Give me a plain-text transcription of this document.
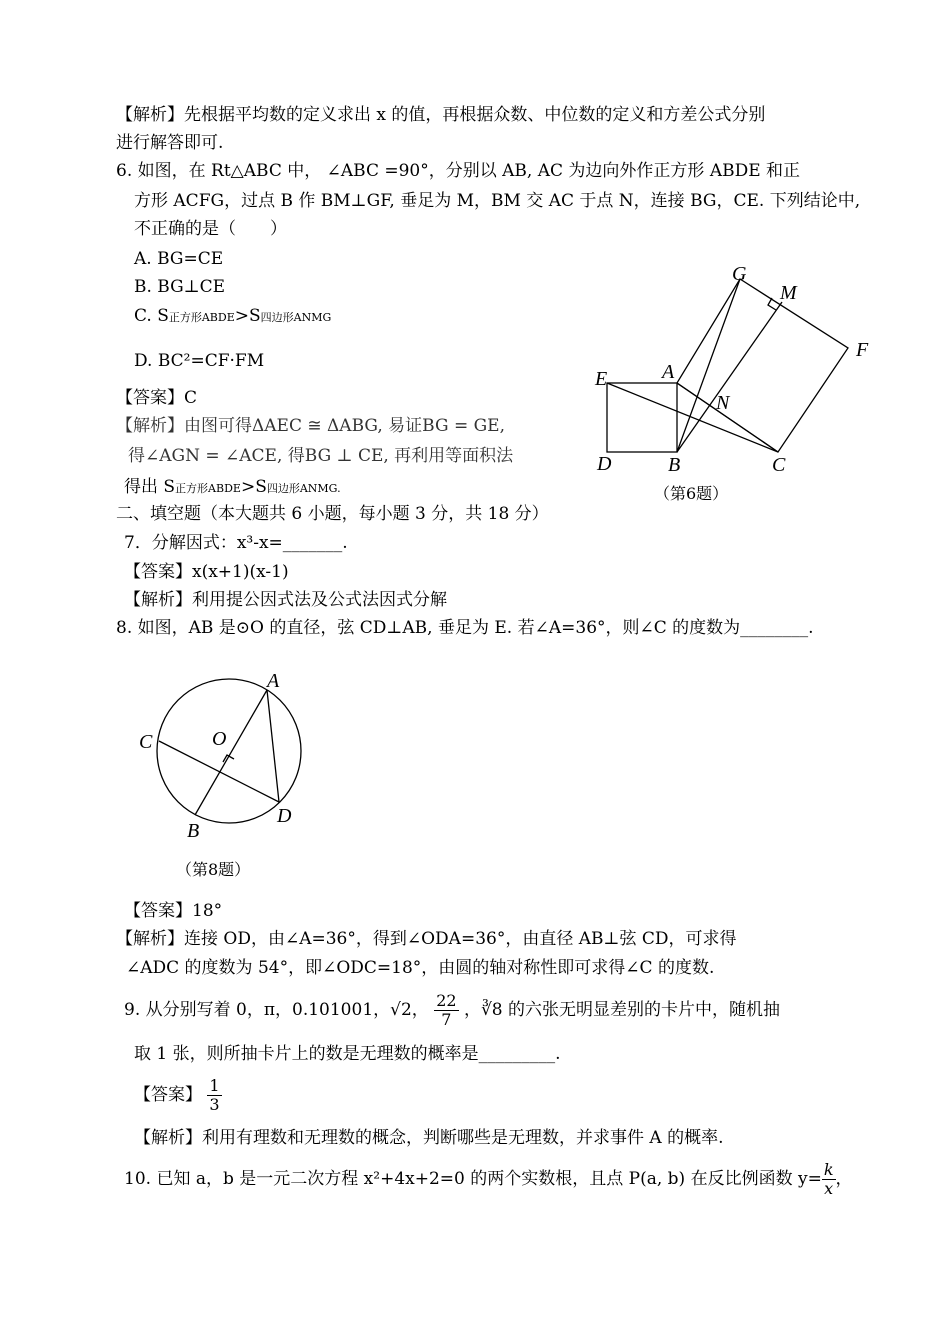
【解析】先根据平均数的定义求出 x 的值，再根据众数、中位数的定义和方差公式分别
进行解答即可.
6. 如图，在 Rt△ABC 中， ∠ABC =90°，分别以 AB, AC 为边向外作正方形 ABDE 和正
方形 ACFG，过点 B 作 BM⊥GF, 垂足为 M，BM 交 AC 于点 N，连接 BG，CE. 下列结论中,
不正确的是（　　）
A. BG=CE
B. BG⊥CE
C. S正方形ABDE>S四边形ANMG
D. BC²=CF·FM
【答案】C
【解析】由图可得ΔAEC ≅ ΔABG, 易证BG = GE,
得∠AGN = ∠ACE, 得BG ⊥ CE, 再利用等面积法
得出 S正方形ABDE>S四边形ANMG.
G
M
F
E	A
N
D	B	C
（第6题）
二、填空题（本大题共 6 小题，每小题 3 分，共 18 分）
7．分解因式：x³-x=_______.
【答案】x(x+1)(x-1)
【解析】利用提公因式法及公式法因式分解
8. 如图，AB 是⊙O 的直径，弦 CD⊥AB, 垂足为 E. 若∠A=36°，则∠C 的度数为________.
A
C	O
B
D
（第8题）
【答案】18°
【解析】连接 OD，由∠A=36°，得到∠ODA=36°，由直径 AB⊥弦 CD，可求得
∠ADC 的度数为 54°，即∠ODC=18°，由圆的轴对称性即可求得∠C 的度数.
9. 从分别写着 0，π，0.101001，√2， $\frac{22}{7}$ ，∛8 的六张无明显差别的卡片中，随机抽
取 1 张，则所抽卡片上的数是无理数的概率是_________.
【答案】 $\frac{1}{3}$
【解析】利用有理数和无理数的概念，判断哪些是无理数，并求事件 A 的概率.
10. 已知 a，b 是一元二次方程 x²+4x+2=0 的两个实数根，且点 P(a, b) 在反比例函数 $y= \frac{k}{x}$ ，
